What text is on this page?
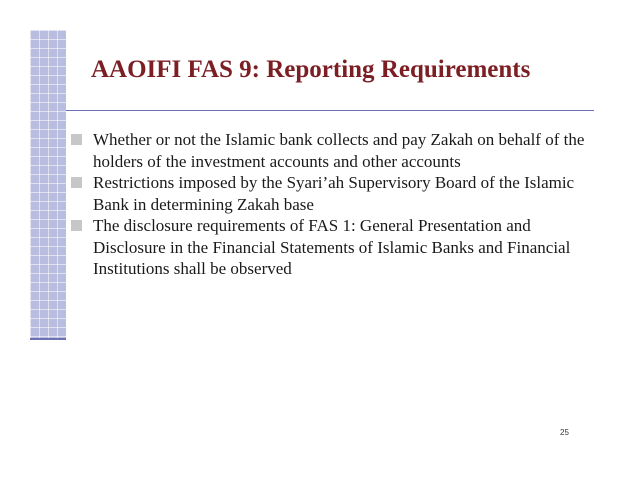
AAOIFI FAS 9: Reporting Requirements
Whether or not the Islamic bank collects and pay Zakah on behalf of the holders of the investment accounts and other accounts
Restrictions imposed by the Syari’ah Supervisory Board of the Islamic Bank in determining Zakah base
The disclosure requirements of FAS 1: General Presentation and Disclosure in the Financial Statements of Islamic Banks and Financial Institutions shall be observed
25
